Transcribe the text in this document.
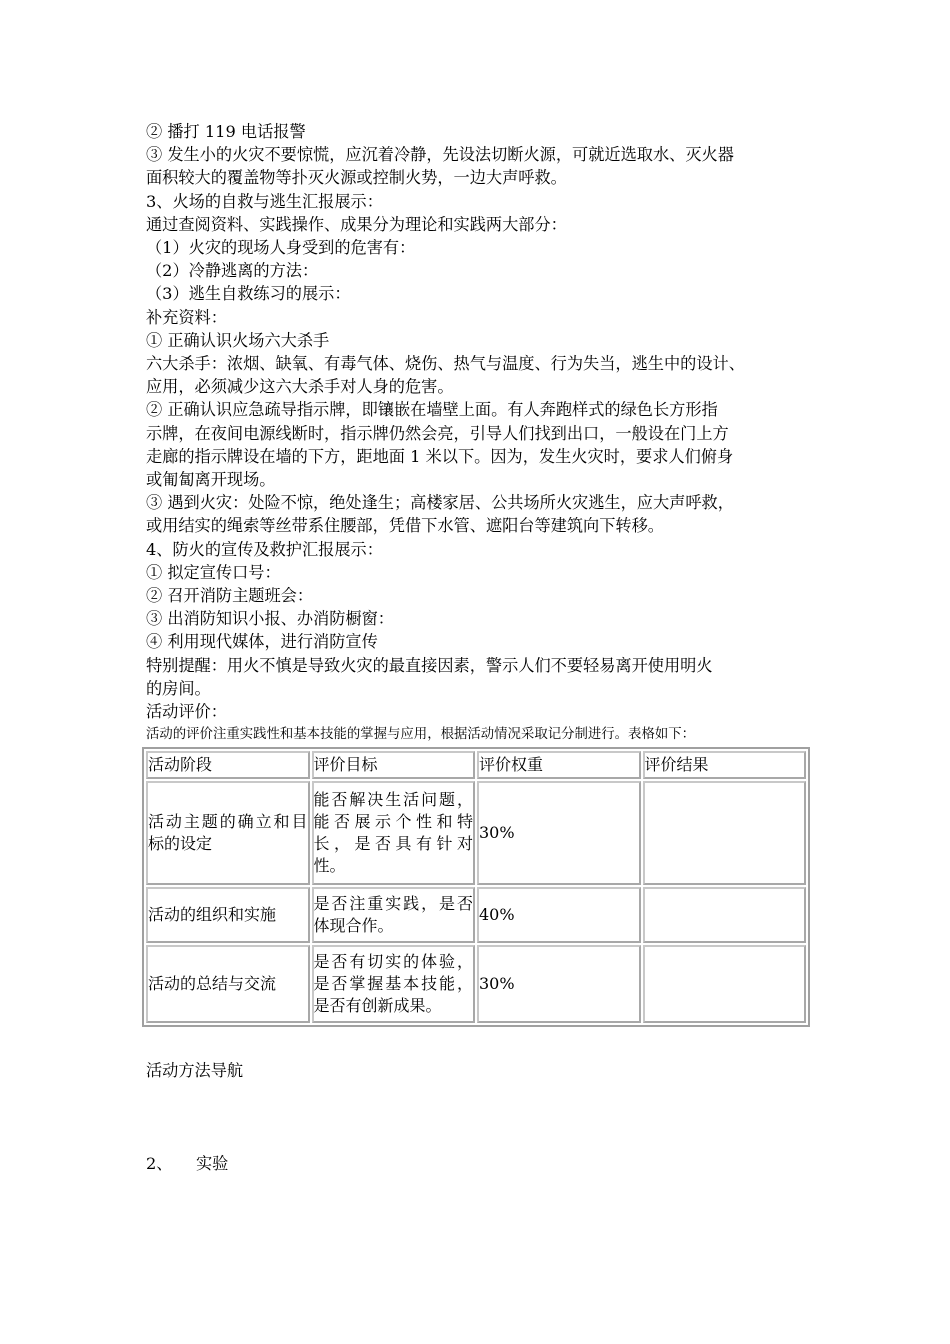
② 播打 119 电话报警
③ 发生小的火灾不要惊慌，应沉着冷静，先设法切断火源，可就近选取水、灭火器
面积较大的覆盖物等扑灭火源或控制火势，一边大声呼救。
3、火场的自救与逃生汇报展示：
通过查阅资料、实践操作、成果分为理论和实践两大部分：
（1）火灾的现场人身受到的危害有：
（2）冷静逃离的方法：
（3）逃生自救练习的展示：
补充资料：
① 正确认识火场六大杀手
六大杀手：浓烟、缺氧、有毒气体、烧伤、热气与温度、行为失当，逃生中的设计、
应用，必须减少这六大杀手对人身的危害。
② 正确认识应急疏导指示牌，即镶嵌在墙壁上面。有人奔跑样式的绿色长方形指
示牌，在夜间电源线断时，指示牌仍然会亮，引导人们找到出口，一般设在门上方
走廊的指示牌设在墙的下方，距地面 1 米以下。因为，发生火灾时，要求人们俯身
或匍匐离开现场。
③ 遇到火灾：处险不惊，绝处逢生；高楼家居、公共场所火灾逃生，应大声呼救，
或用结实的绳索等丝带系住腰部，凭借下水管、遮阳台等建筑向下转移。
4、防火的宣传及救护汇报展示：
① 拟定宣传口号：
② 召开消防主题班会：
③ 出消防知识小报、办消防橱窗：
④ 利用现代媒体，进行消防宣传
特别提醒：用火不慎是导致火灾的最直接因素，警示人们不要轻易离开使用明火
的房间。
活动评价：
活动的评价注重实践性和基本技能的掌握与应用，根据活动情况采取记分制进行。表格如下：
活动阶段	评价目标	评价权重	评价结果
活动主题的确立和目标的设定	能否解决生活问题，能否展示个性和特长，是否具有针对性。	30%	
活动的组织和实施	是否注重实践，是否体现合作。	40%	
活动的总结与交流	是否有切实的体验，是否掌握基本技能，是否有创新成果。	30%	
活动方法导航
2、 实验
